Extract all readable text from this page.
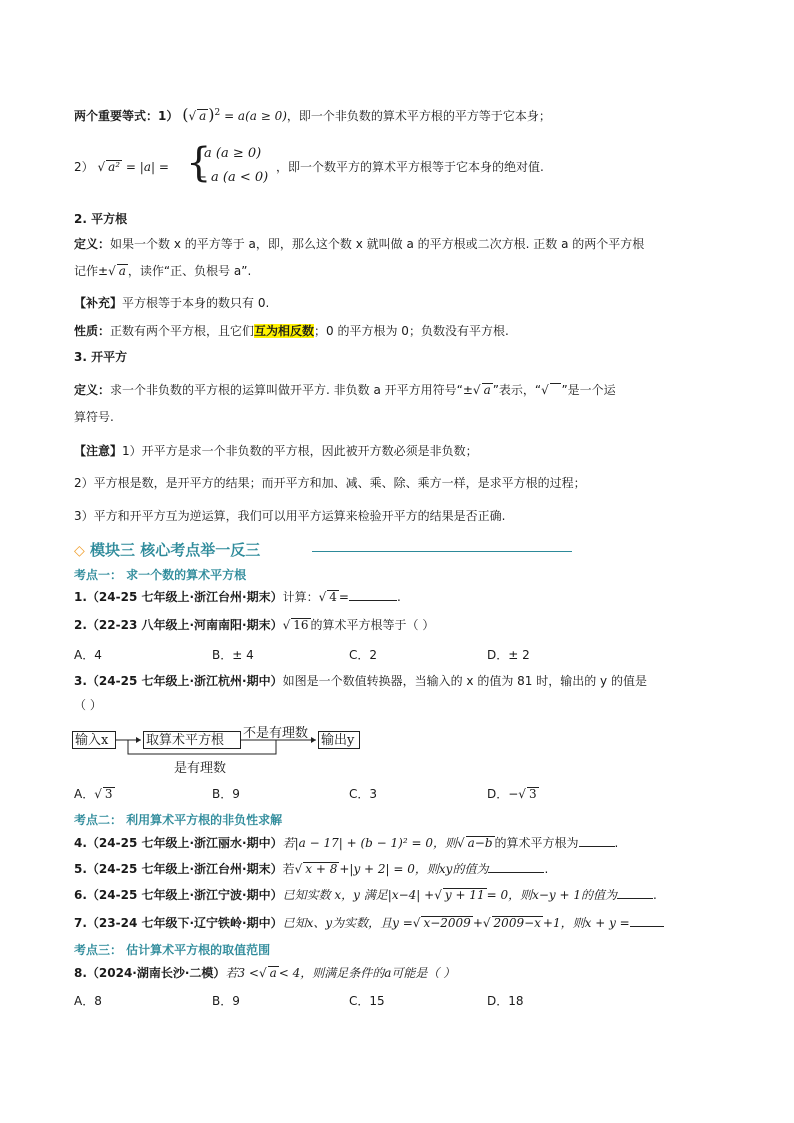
两个重要等式：1） (√ a )$^2$ = a(a ≥ 0)，即一个非负数的算术平方根的平方等于它本身；
2） √ a² = |a| = {
a (a ≥ 0)
− a (a < 0)
，即一个数平方的算术平方根等于它本身的绝对值.
2. 平方根
定义：如果一个数 x 的平方等于 a，即，那么这个数 x 就叫做 a 的平方根或二次方根. 正数 a 的两个平方根
记作±√ a ，读作“正、负根号 a”.
【补充】平方根等于本身的数只有 0.
性质：正数有两个平方根，且它们互为相反数；0 的平方根为 0；负数没有平方根.
3. 开平方
定义：求一个非负数的平方根的运算叫做开平方. 非负数 a 开平方用符号“±√ a ”表示，“√ ”是一个运
算符号.
【注意】1）开平方是求一个非负数的平方根，因此被开方数必须是非负数；
2）平方根是数，是开平方的结果；而开平方和加、减、乘、除、乘方一样，是求平方根的过程；
3）平方和开平方互为逆运算，我们可以用平方运算来检验开平方的结果是否正确.
◇ 模块三 核心考点举一反三
考点一： 求一个数的算术平方根
1.（24-25 七年级上·浙江台州·期末）计算：√ 4 =	.
2.（22-23 八年级上·河南南阳·期末）√ 16 的算术平方根等于（ ）
A．4	B．± 4	C．2	D．± 2
3.（24-25 七年级上·浙江杭州·期中）如图是一个数值转换器，当输入的 x 的值为 81 时，输出的 y 的值是
（ ）
输入x	取算术平方根	输出y
不是有理数
是有理数
A．√ 3	B．9	C．3	D．−√ 3
考点二： 利用算术平方根的非负性求解
4.（24-25 七年级上·浙江丽水·期中）若|a − 17| + (b − 1)² = 0，则√ a−b 的算术平方根为	.
5.（24-25 七年级上·浙江台州·期末）若√ x + 8 +|y + 2| = 0，则xy的值为	.
6.（24-25 七年级上·浙江宁波·期中）已知实数 x，y 满足|x−4| +√ y + 11 = 0，则x−y + 1的值为	.
7.（23-24 七年级下·辽宁铁岭·期中）已知x、y为实数，且y =√ x−2009 +√ 2009−x +1，则x + y =
考点三： 估计算术平方根的取值范围
8.（2024·湖南长沙·二模）若3 <√ a < 4，则满足条件的a可能是（ ）
A．8	B．9	C．15	D．18
